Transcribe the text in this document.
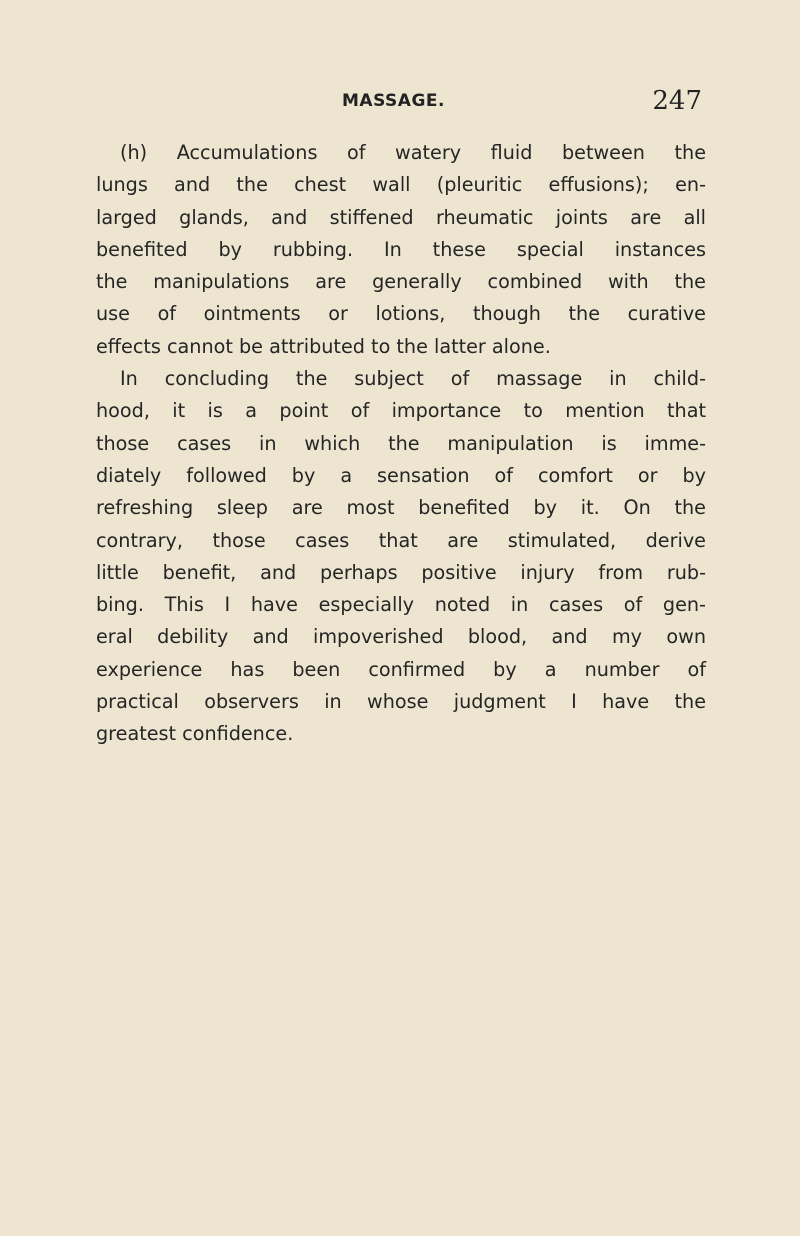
MASSAGE.	247
(h) Accumulations of watery fluid between the
lungs and the chest wall (pleuritic effusions); en-
larged glands, and stiffened rheumatic joints are all
benefited by rubbing. In these special instances
the manipulations are generally combined with the
use of ointments or lotions, though the curative
effects cannot be attributed to the latter alone.
In concluding the subject of massage in child-
hood, it is a point of importance to mention that
those cases in which the manipulation is imme-
diately followed by a sensation of comfort or by
refreshing sleep are most benefited by it. On the
contrary, those cases that are stimulated, derive
little benefit, and perhaps positive injury from rub-
bing. This I have especially noted in cases of gen-
eral debility and impoverished blood, and my own
experience has been confirmed by a number of
practical observers in whose judgment I have the
greatest confidence.
